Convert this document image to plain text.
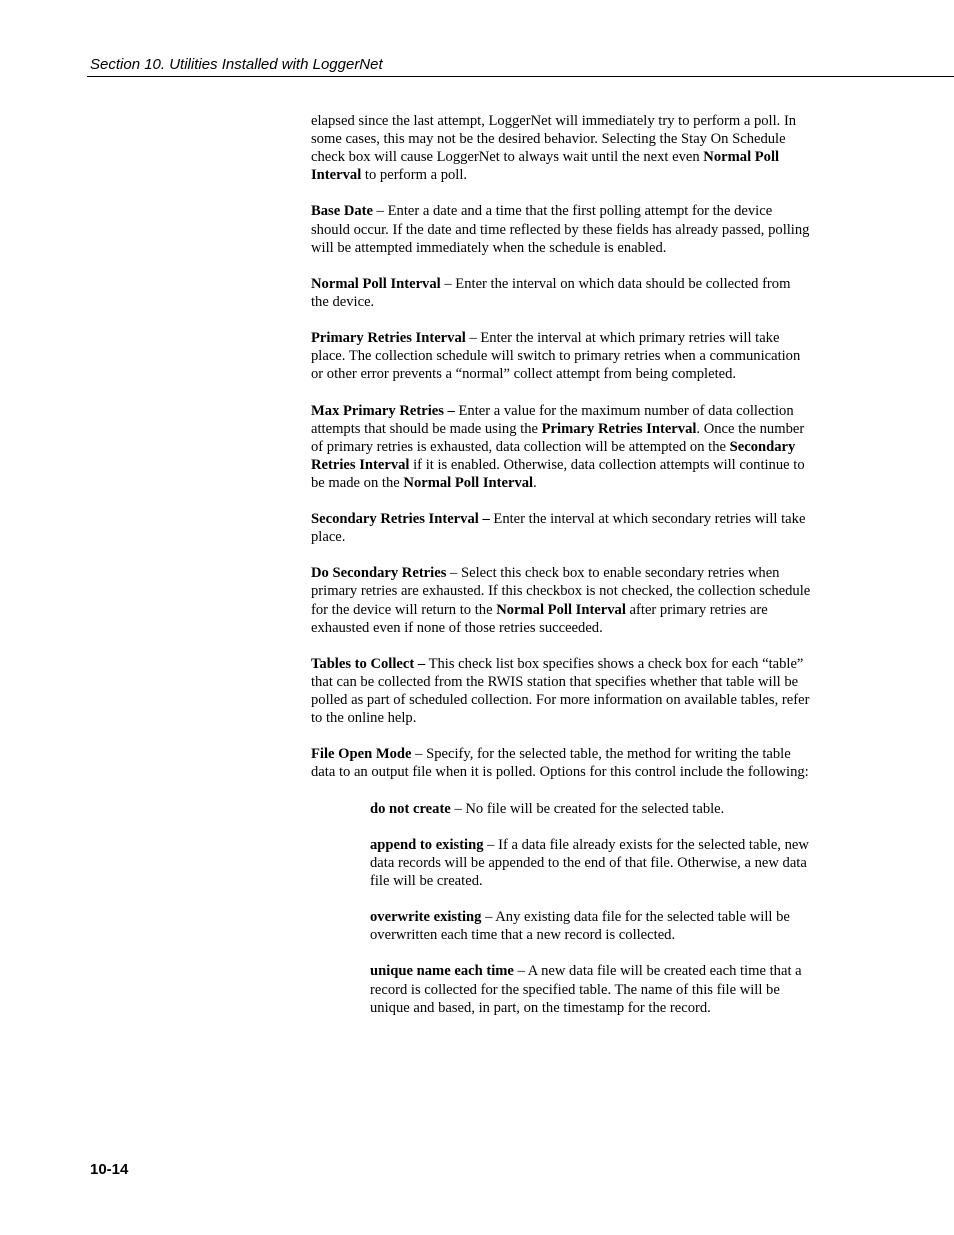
Section 10. Utilities Installed with LoggerNet

elapsed since the last attempt, LoggerNet will immediately try to perform a poll. In some cases, this may not be the desired behavior. Selecting the Stay On Schedule check box will cause LoggerNet to always wait until the next even Normal Poll Interval to perform a poll.

Base Date – Enter a date and a time that the first polling attempt for the device should occur. If the date and time reflected by these fields has already passed, polling will be attempted immediately when the schedule is enabled.

Normal Poll Interval – Enter the interval on which data should be collected from the device.

Primary Retries Interval – Enter the interval at which primary retries will take place. The collection schedule will switch to primary retries when a communication or other error prevents a “normal” collect attempt from being completed.

Max Primary Retries – Enter a value for the maximum number of data collection attempts that should be made using the Primary Retries Interval. Once the number of primary retries is exhausted, data collection will be attempted on the Secondary Retries Interval if it is enabled. Otherwise, data collection attempts will continue to be made on the Normal Poll Interval.

Secondary Retries Interval – Enter the interval at which secondary retries will take place.

Do Secondary Retries – Select this check box to enable secondary retries when primary retries are exhausted. If this checkbox is not checked, the collection schedule for the device will return to the Normal Poll Interval after primary retries are exhausted even if none of those retries succeeded.

Tables to Collect – This check list box specifies shows a check box for each “table” that can be collected from the RWIS station that specifies whether that table will be polled as part of scheduled collection. For more information on available tables, refer to the online help.

File Open Mode – Specify, for the selected table, the method for writing the table data to an output file when it is polled. Options for this control include the following:

do not create – No file will be created for the selected table.

append to existing – If a data file already exists for the selected table, new data records will be appended to the end of that file. Otherwise, a new data file will be created.

overwrite existing – Any existing data file for the selected table will be overwritten each time that a new record is collected.

unique name each time – A new data file will be created each time that a record is collected for the specified table. The name of this file will be unique and based, in part, on the timestamp for the record.

10-14
